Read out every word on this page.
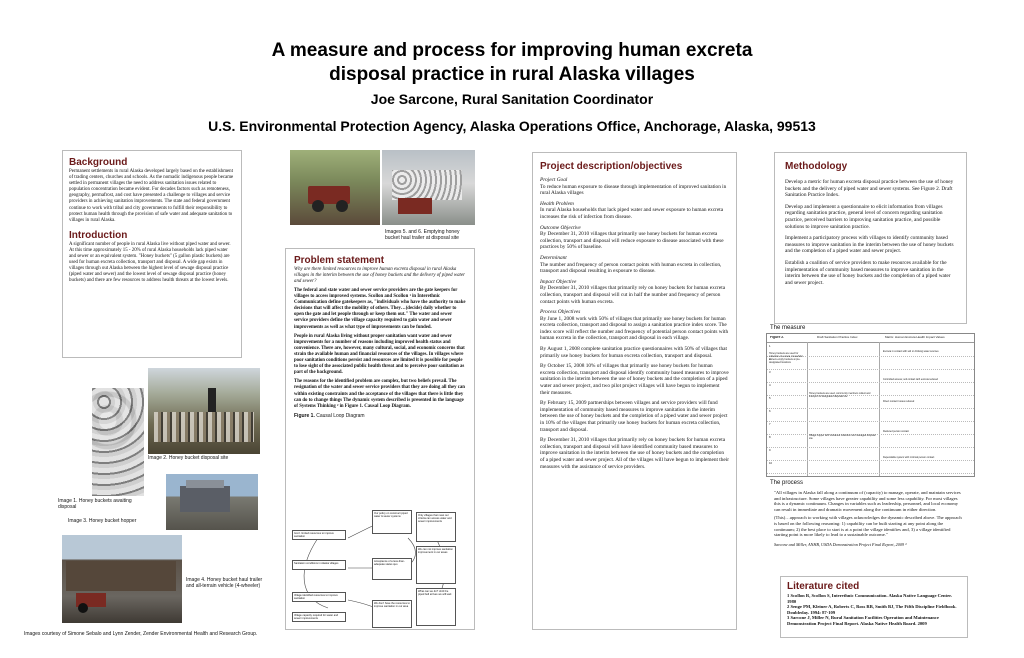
A measure and process for improving human excreta
disposal practice in rural Alaska villages
Joe Sarcone, Rural Sanitation Coordinator
U.S. Environmental Protection Agency, Alaska Operations Office, Anchorage, Alaska, 99513
Background

Permanent settlements in rural Alaska developed largely based on the establishment of trading centers, churches and schools. As the nomadic indigenous people became settled in permanent villages the need to address sanitation issues related to population concentration became evident. For decades factors such as remoteness, geography, permafrost, and cost have presented a challenge to villages and service providers in achieving sanitation improvements. The state and federal government continue to work with tribal and city governments to fulfill their responsibility to protect human health through the provision of safe water and adequate sanitation to villages in rural Alaska.

Introduction

A significant number of people in rural Alaska live without piped water and sewer. At this time approximately 15 - 20% of rural Alaska households lack piped water and sewer or an equivalent system. "Honey buckets" (5 gallon plastic buckets) are used for human excreta collection, transport and disposal. A wide gap exists in villages through out Alaska between the highest level of sewage disposal practice (piped water and sewer) and the lowest level of sewage disposal practice (honey buckets) and there are few resources to address health threats at the lowest levels.

Images 5. and 6. Emptying honey bucket haul trailer at disposal site
Image 2. Honey bucket disposal site
Image 1. Honey buckets awaiting disposal
Image 3. Honey bucket hopper
Image 4. Honey bucket haul trailer and all-terrain vehicle (4-wheeler)
Images courtesy of Simone Sebalo and Lynn Zender, Zender Environmental Health and Research Group.
Problem statement

Why are there limited resources to improve human excreta disposal in rural Alaska villages in the interim between the use of honey buckets and the delivery of piped water and sewer?

The federal and state water and sewer service providers are the gate keepers for villages to access improved systems. Scollon and Scollon ¹ in Interethnic Communication define gatekeepers as, "individuals who have the authority to make decisions that will affect the mobility of others. They…(decide) daily whether to open the gate and let people through or keep them out." The water and sewer service providers define the village capacity required to gain water and sewer improvements as well as what type of improvements can be funded.

People in rural Alaska living without proper sanitation want water and sewer improvements for a number of reasons including improved health status and convenience. There are, however, many cultural, social, and economic concerns that strain the available human and financial resources of the villages. In villages where poor sanitation conditions persist and resources are limited it is possible for people to lose sight of the associated public health threat and to perceive poor sanitation as part of the background.

The reasons for the identified problem are complex, but two beliefs prevail. The resignation of the water and sewer service providers that they are doing all they can within existing constraints and the acceptance of the villages that there is little they can do to change things The dynamic system described is presented in the language of Systems Thinking ² in Figure 1. Causal Loop Diagram.

Figure 1. Causal Loop Diagram
Gov't. limited resources to improve sanitation
Sanitation conditions in Alaska villages
Village identified resources to improve sanitation
Our policy on construct piped water & sewer systems
Acceptance of a less-than-adequate status quo
We don't have the resources to improve sanitation in our area
Only villages that meet our criteria can access water and sewer improvements
We can not improve sanitation improvement in our areas
What can we do? Until the piped bell arrives we will wait
Village capacity required for water and sewer improvements
Project description/objectives

Project Goal

To reduce human exposure to disease through implementation of improved sanitation in rural Alaska villages

Health Problem

In rural Alaska households that lack piped water and sewer exposure to human excreta increases the risk of infection from disease.

Outcome Objective

By December 31, 2010 villages that primarily use honey buckets for human excreta collection, transport and disposal will reduce exposure to disease associated with these practices by 50% of baseline.

Determinant

The number and frequency of person contact points with human excreta in collection, transport and disposal resulting in exposure to disease.

Impact Objective

By December 31, 2010 villages that primarily rely on honey buckets for human excreta collection, transport and disposal will cut in half the number and frequency of person contact points with human excreta.

Process Objectives

By June 1, 2008 work with 50% of villages that primarily use honey buckets for human excreta collection, transport and disposal to assign a sanitation practice index score. The index score will reflect the number and frequency of potential person contact points with human excreta in the collection, transport and disposal in each village.

By August 1, 2008 complete sanitation practice questionnaires with 50% of villages that primarily use honey buckets for human excreta collection, transport and disposal.

By October 15, 2008 10% of villages that primarily use honey buckets for human excreta collection, transport and disposal identify community based measures to improve sanitation in the interim between the use of honey buckets and the completion of a piped water and sewer project, and two pilot project villages will have begun to implement their measures.

By February 15, 2009 partnerships between villages and service providers will fund implementation of community based measures to improve sanitation in the interim between the use of honey buckets and the completion of a piped water and sewer project in 10% of the villages that primarily use honey buckets for human excreta collection, transport and disposal.

By December 31, 2010 villages that primarily rely on honey buckets for human excreta collection, transport and disposal will have identified community based measures to improve sanitation in the interim between the use of honey buckets and the completion of a piped water and sewer project. All of the villages will have begun to implement their measures with the assistance of service providers.

Methodology

Develop a metric for human excreta disposal practice between the use of honey buckets and the delivery of piped water and sewer systems. See Figure 2. Draft Sanitation Practice Index.

Develop and implement a questionnaire to elicit information from villages regarding sanitation practice, general level of concern regarding sanitation practice, perceived barriers to improving sanitation practice, and possible solutions to improve sanitation practice.

Implement a participatory process with villages to identify community based measures to improve sanitation in the interim between the use of honey buckets and the completion of a piped water and sewer project.

Establish a coalition of service providers to make resources available for the implementation of community based measures to improve sanitation in the interim between the use of honey buckets and the completion of a piped water and sewer project.

The measure
Figure 2.	Draft Sanitation Practice Index	Matrix: Human Excreta Health Impact Values
1
2
3
4
5
6
7
8
9
10
Honey buckets are used for collection of excreta, household owners empty buckets at pre-designated locations
Honey buckets are used, community members collect and transport to designated disposal site
Village hopper with contained collection and managed disposal site
Excreta in contact with soil or drinking water sources
Controlled access; soil contact with excreta reduced
Direct contact routes reduced
Reduced person contact
Dependable system with minimal person contact
The process

"All villages in Alaska fall along a continuum of (capacity) to manage, operate, and maintain services and infrastructure. Some villages have greater capability and some less capability. For most villages this is a dynamic continuum. Changes in variables such as leadership, personnel, and local economy can result in immediate and dramatic movement along the continuum in either direction.

(This)…approach to working with villages acknowledges the dynamic described above. The approach is based on the following reasoning: 1) capability can be built starting at any point along the continuum; 2) the best place to start is at a point the village identifies and, 3) a village identified starting point is more likely to lead to a sustainable outcome."

Sarcone and Miller, ANHB, USDA Demonstration Project Final Report, 2009 ³

Literature cited

1 Scollon R, Scollon S, Interethnic Communication. Alaska Native Language Center. 1980

2 Senge PM, Kleiner A, Roberts C, Ross RB, Smith BJ, The Fifth Discipline Fieldbook. Doubleday. 1994: 87-109

3 Sarcone J, Miller N, Rural Sanitation Facilities Operation and Maintenance Demonstration Project Final Report. Alaska Native Health Board. 2009
